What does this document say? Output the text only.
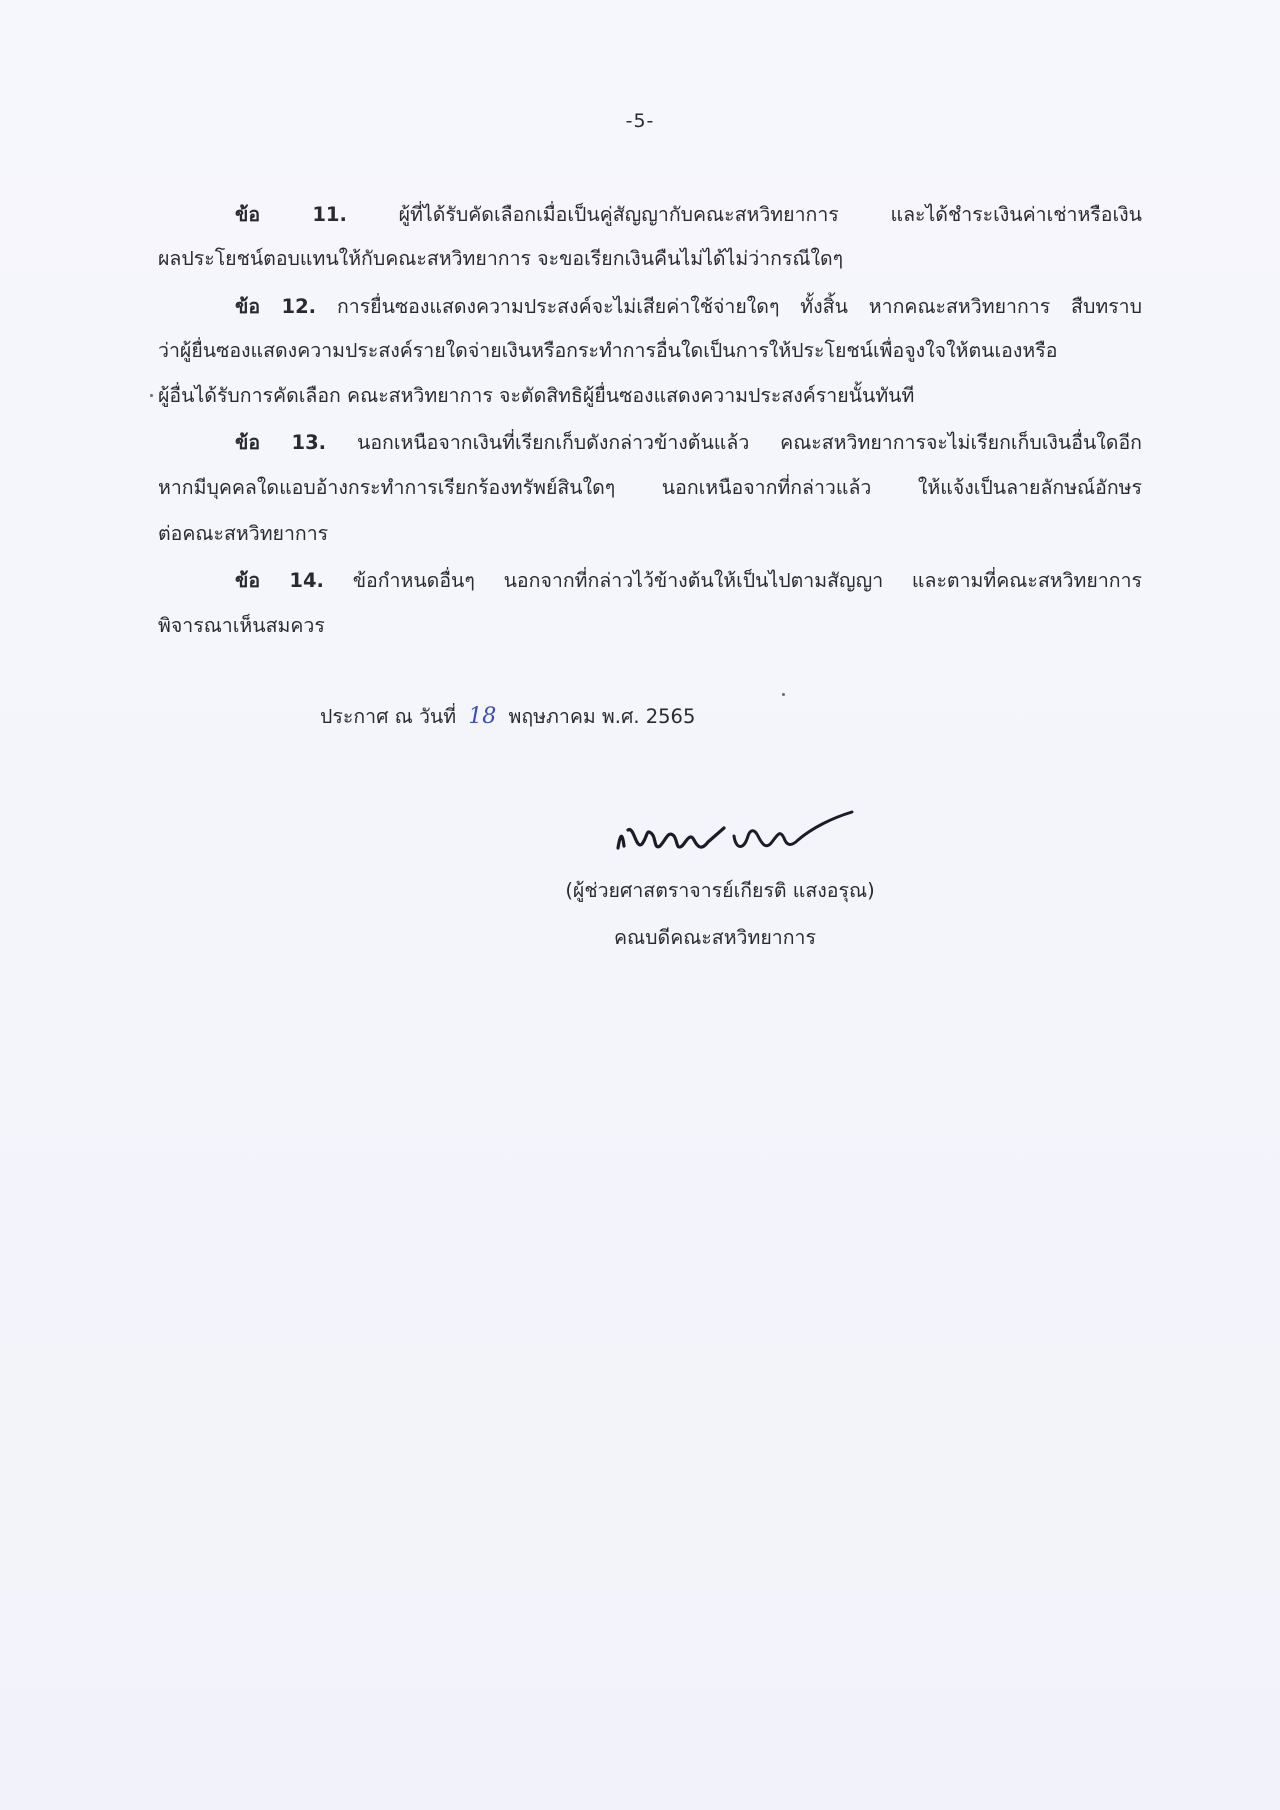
-5-
ข้อ 11.	ผู้ที่ได้รับคัดเลือกเมื่อเป็นคู่สัญญากับคณะสหวิทยาการ และได้ชำระเงินค่าเช่าหรือเงิน
ผลประโยชน์ตอบแทนให้กับคณะสหวิทยาการ จะขอเรียกเงินคืนไม่ได้ไม่ว่ากรณีใดๆ
ข้อ 12. การยื่นซองแสดงความประสงค์จะไม่เสียค่าใช้จ่ายใดๆ ทั้งสิ้น หากคณะสหวิทยาการ สืบทราบ
ว่าผู้ยื่นซองแสดงความประสงค์รายใดจ่ายเงินหรือกระทำการอื่นใดเป็นการให้ประโยชน์เพื่อจูงใจให้ตนเองหรือ
ผู้อื่นได้รับการคัดเลือก คณะสหวิทยาการ จะตัดสิทธิผู้ยื่นซองแสดงความประสงค์รายนั้นทันที
ข้อ 13. นอกเหนือจากเงินที่เรียกเก็บดังกล่าวข้างต้นแล้ว คณะสหวิทยาการจะไม่เรียกเก็บเงินอื่นใดอีก
หากมีบุคคลใดแอบอ้างกระทำการเรียกร้องทรัพย์สินใดๆ นอกเหนือจากที่กล่าวแล้ว ให้แจ้งเป็นลายลักษณ์อักษร
ต่อคณะสหวิทยาการ
ข้อ 14. ข้อกำหนดอื่นๆ นอกจากที่กล่าวไว้ข้างต้นให้เป็นไปตามสัญญา และตามที่คณะสหวิทยาการ
พิจารณาเห็นสมควร
ประกาศ ณ วันที่ 18 พฤษภาคม พ.ศ. 2565
(ผู้ช่วยศาสตราจารย์เกียรติ แสงอรุณ)
คณบดีคณะสหวิทยาการ
